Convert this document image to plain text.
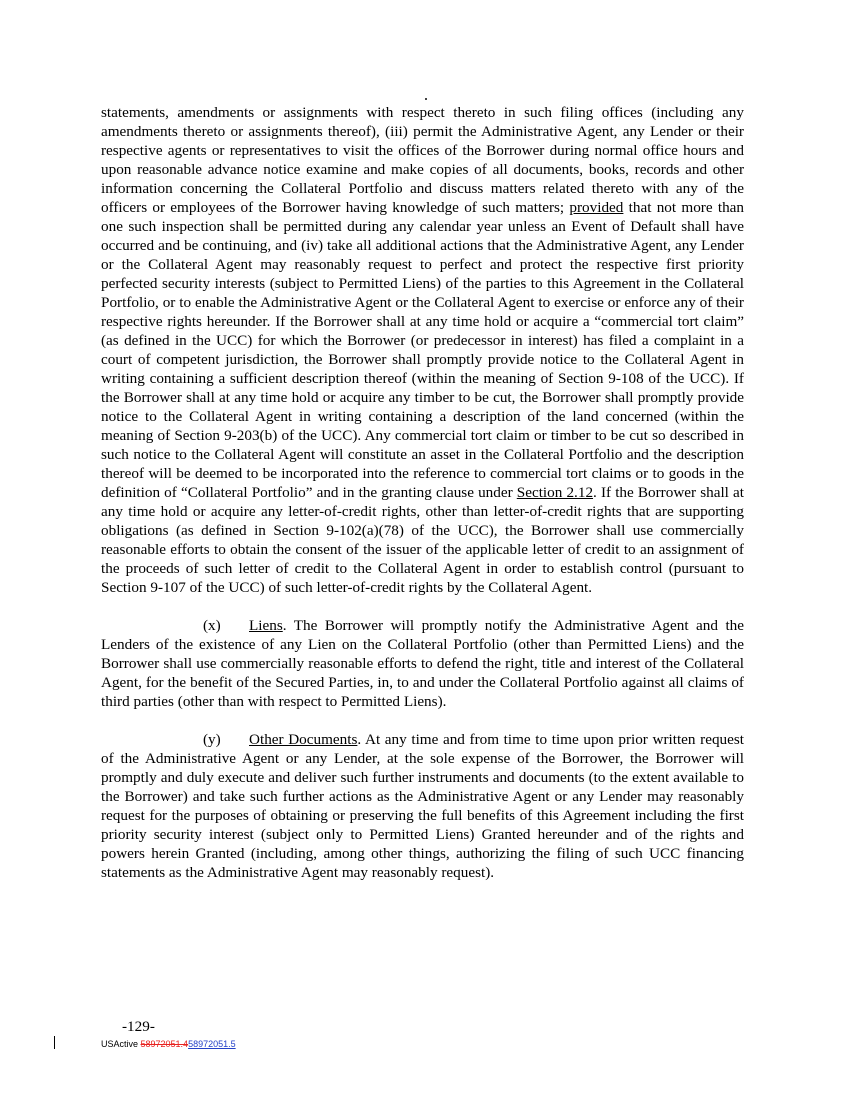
statements, amendments or assignments with respect thereto in such filing offices (including any amendments thereto or assignments thereof), (iii) permit the Administrative Agent, any Lender or their respective agents or representatives to visit the offices of the Borrower during normal office hours and upon reasonable advance notice examine and make copies of all documents, books, records and other information concerning the Collateral Portfolio and discuss matters related thereto with any of the officers or employees of the Borrower having knowledge of such matters; provided that not more than one such inspection shall be permitted during any calendar year unless an Event of Default shall have occurred and be continuing, and (iv) take all additional actions that the Administrative Agent, any Lender or the Collateral Agent may reasonably request to perfect and protect the respective first priority perfected security interests (subject to Permitted Liens) of the parties to this Agreement in the Collateral Portfolio, or to enable the Administrative Agent or the Collateral Agent to exercise or enforce any of their respective rights hereunder. If the Borrower shall at any time hold or acquire a “commercial tort claim” (as defined in the UCC) for which the Borrower (or predecessor in interest) has filed a complaint in a court of competent jurisdiction, the Borrower shall promptly provide notice to the Collateral Agent in writing containing a sufficient description thereof (within the meaning of Section 9-108 of the UCC). If the Borrower shall at any time hold or acquire any timber to be cut, the Borrower shall promptly provide notice to the Collateral Agent in writing containing a description of the land concerned (within the meaning of Section 9-203(b) of the UCC). Any commercial tort claim or timber to be cut so described in such notice to the Collateral Agent will constitute an asset in the Collateral Portfolio and the description thereof will be deemed to be incorporated into the reference to commercial tort claims or to goods in the definition of “Collateral Portfolio” and in the granting clause under Section 2.12. If the Borrower shall at any time hold or acquire any letter-of-credit rights, other than letter-of-credit rights that are supporting obligations (as defined in Section 9-102(a)(78) of the UCC), the Borrower shall use commercially reasonable efforts to obtain the consent of the issuer of the applicable letter of credit to an assignment of the proceeds of such letter of credit to the Collateral Agent in order to establish control (pursuant to Section 9-107 of the UCC) of such letter-of-credit rights by the Collateral Agent.

(x) Liens. The Borrower will promptly notify the Administrative Agent and the Lenders of the existence of any Lien on the Collateral Portfolio (other than Permitted Liens) and the Borrower shall use commercially reasonable efforts to defend the right, title and interest of the Collateral Agent, for the benefit of the Secured Parties, in, to and under the Collateral Portfolio against all claims of third parties (other than with respect to Permitted Liens).

(y) Other Documents. At any time and from time to time upon prior written request of the Administrative Agent or any Lender, at the sole expense of the Borrower, the Borrower will promptly and duly execute and deliver such further instruments and documents (to the extent available to the Borrower) and take such further actions as the Administrative Agent or any Lender may reasonably request for the purposes of obtaining or preserving the full benefits of this Agreement including the first priority security interest (subject only to Permitted Liens) Granted hereunder and of the rights and powers herein Granted (including, among other things, authorizing the filing of such UCC financing statements as the Administrative Agent may reasonably request).

-129-
USActive 58972051.458972051.5
